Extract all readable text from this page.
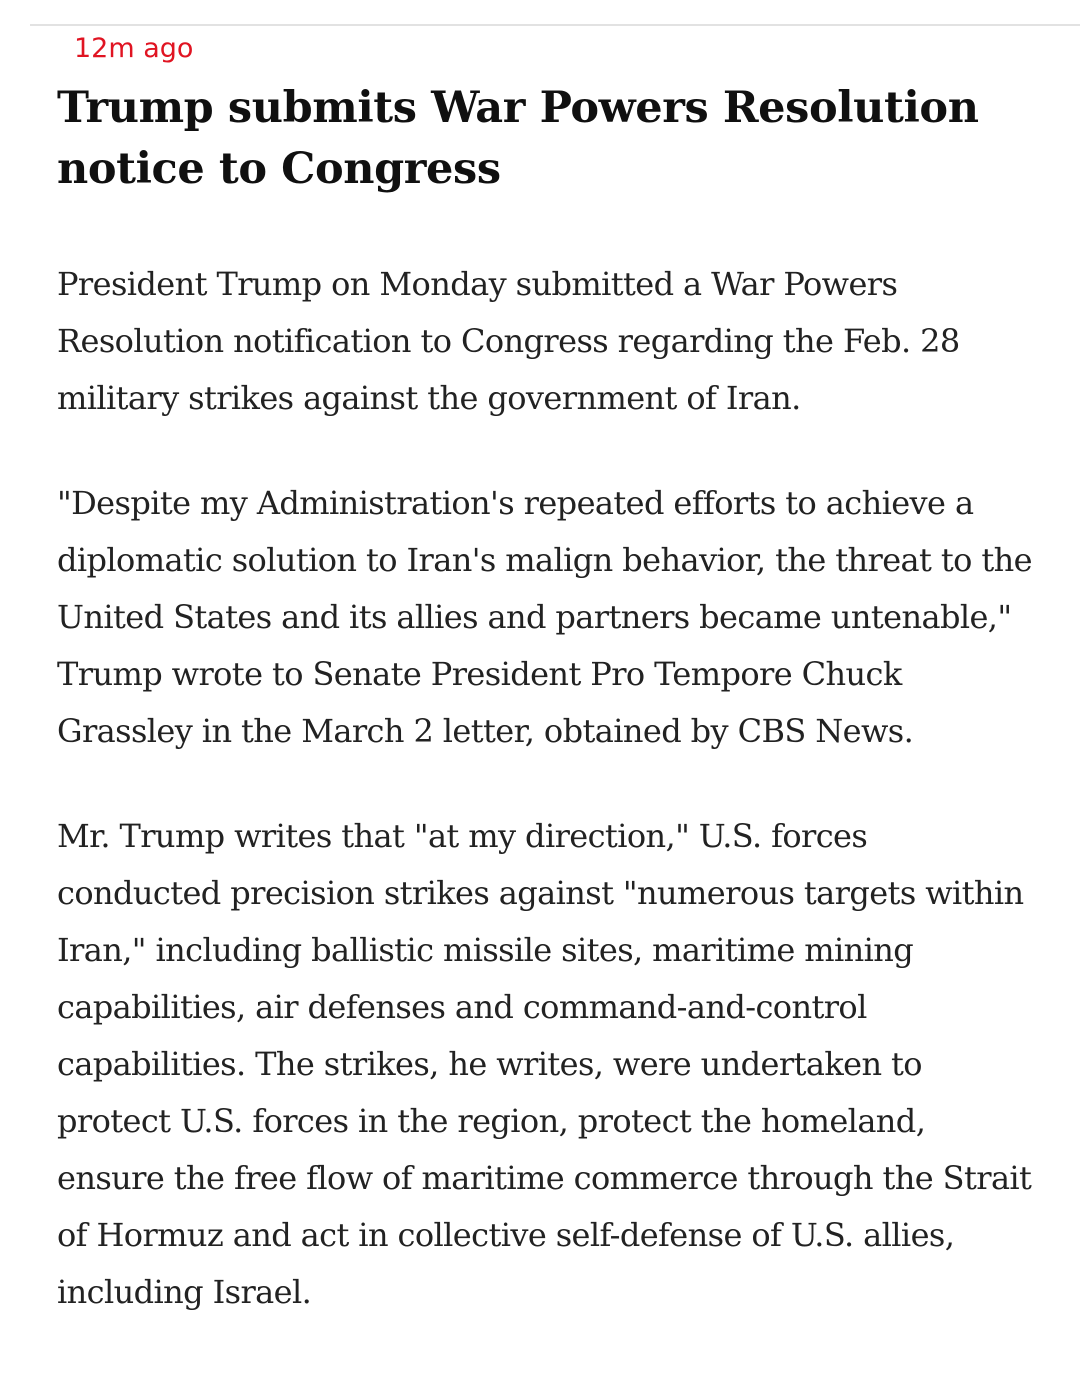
12m ago
Trump submits War Powers Resolution notice to Congress

President Trump on Monday submitted a War Powers Resolution notification to Congress regarding the Feb. 28 military strikes against the government of Iran.

"Despite my Administration's repeated efforts to achieve a diplomatic solution to Iran's malign behavior, the threat to the United States and its allies and partners became untenable," Trump wrote to Senate President Pro Tempore Chuck Grassley in the March 2 letter, obtained by CBS News.

Mr. Trump writes that "at my direction," U.S. forces conducted precision strikes against "numerous targets within Iran," including ballistic missile sites, maritime mining capabilities, air defenses and command-and-control capabilities. The strikes, he writes, were undertaken to protect U.S. forces in the region, protect the homeland, ensure the free flow of maritime commerce through the Strait of Hormuz and act in collective self-defense of U.S. allies, including Israel.
